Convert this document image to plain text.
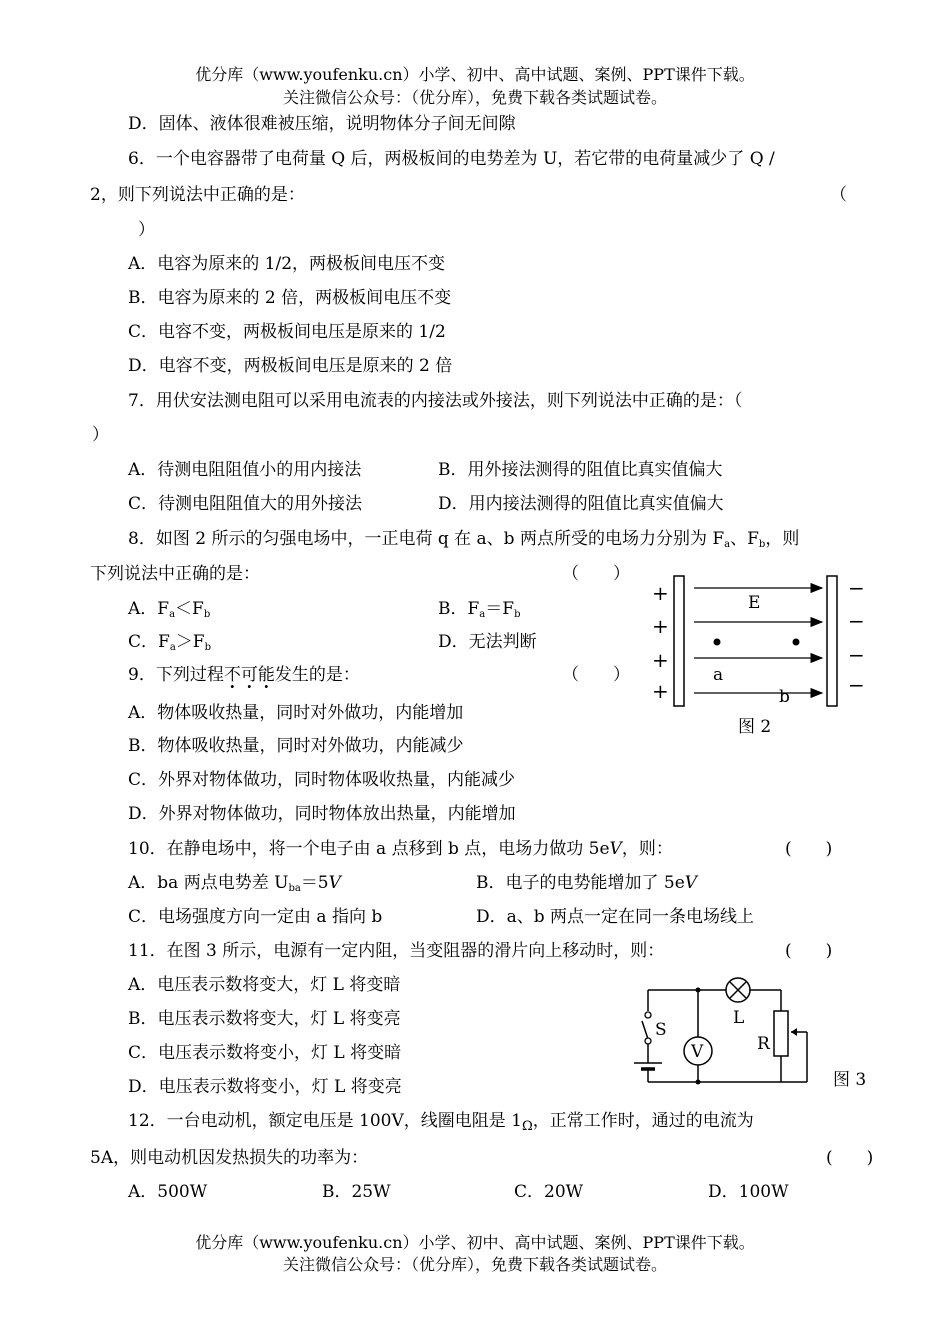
优分库（www.youfenku.cn）小学、初中、高中试题、案例、PPT课件下载。
关注微信公众号：（优分库），免费下载各类试题试卷。
D．固体、液体很难被压缩，说明物体分子间无间隙
6．一个电容器带了电荷量 Q 后，两极板间的电势差为 U，若它带的电荷量减少了 Q /
2，则下列说法中正确的是：	（
）
A．电容为原来的 1/2，两极板间电压不变
B．电容为原来的 2 倍，两极板间电压不变
C．电容不变，两极板间电压是原来的 1/2
D．电容不变，两极板间电压是原来的 2 倍
7．用伏安法测电阻可以采用电流表的内接法或外接法，则下列说法中正确的是：（
）
A．待测电阻阻值小的用内接法	B．用外接法测得的阻值比真实值偏大
C．待测电阻阻值大的用外接法	D．用内接法测得的阻值比真实值偏大
8．如图 2 所示的匀强电场中，一正电荷 q 在 a、b 两点所受的电场力分别为 $F_a$、$F_b$，则
下列说法中正确的是：	（　　）
A．$F_a<F_b$	B．$F_a=F_b$
C．$F_a>F_b$	D．无法判断
+
+
+
+
−
−
−
−
E
a
b
图 2
9．下列过程不可能发生的是：	（　　）
A．物体吸收热量，同时对外做功，内能增加
B．物体吸收热量，同时对外做功，内能减少
C．外界对物体做功，同时物体吸收热量，内能减少
D．外界对物体做功，同时物体放出热量，内能增加
10．在静电场中，将一个电子由 a 点移到 b 点，电场力做功 5eV，则：	(　　)
A．ba 两点电势差 $U_{ba}=5V$	B．电子的电势能增加了 5eV
C．电场强度方向一定由 a 指向 b	D．a、b 两点一定在同一条电场线上
11．在图 3 所示，电源有一定内阻，当变阻器的滑片向上移动时，则：	(　　)
A．电压表示数将变大，灯 L 将变暗
B．电压表示数将变大，灯 L 将变亮
C．电压表示数将变小，灯 L 将变暗
D．电压表示数将变小，灯 L 将变亮
S
V
L
R
图 3
12．一台电动机，额定电压是 100V，线圈电阻是 $1_\Omega$，正常工作时，通过的电流为
5A，则电动机因发热损失的功率为：	(　　)
A．500W	B．25W	C．20W	D．100W
优分库（www.youfenku.cn）小学、初中、高中试题、案例、PPT课件下载。
关注微信公众号：（优分库），免费下载各类试题试卷。
